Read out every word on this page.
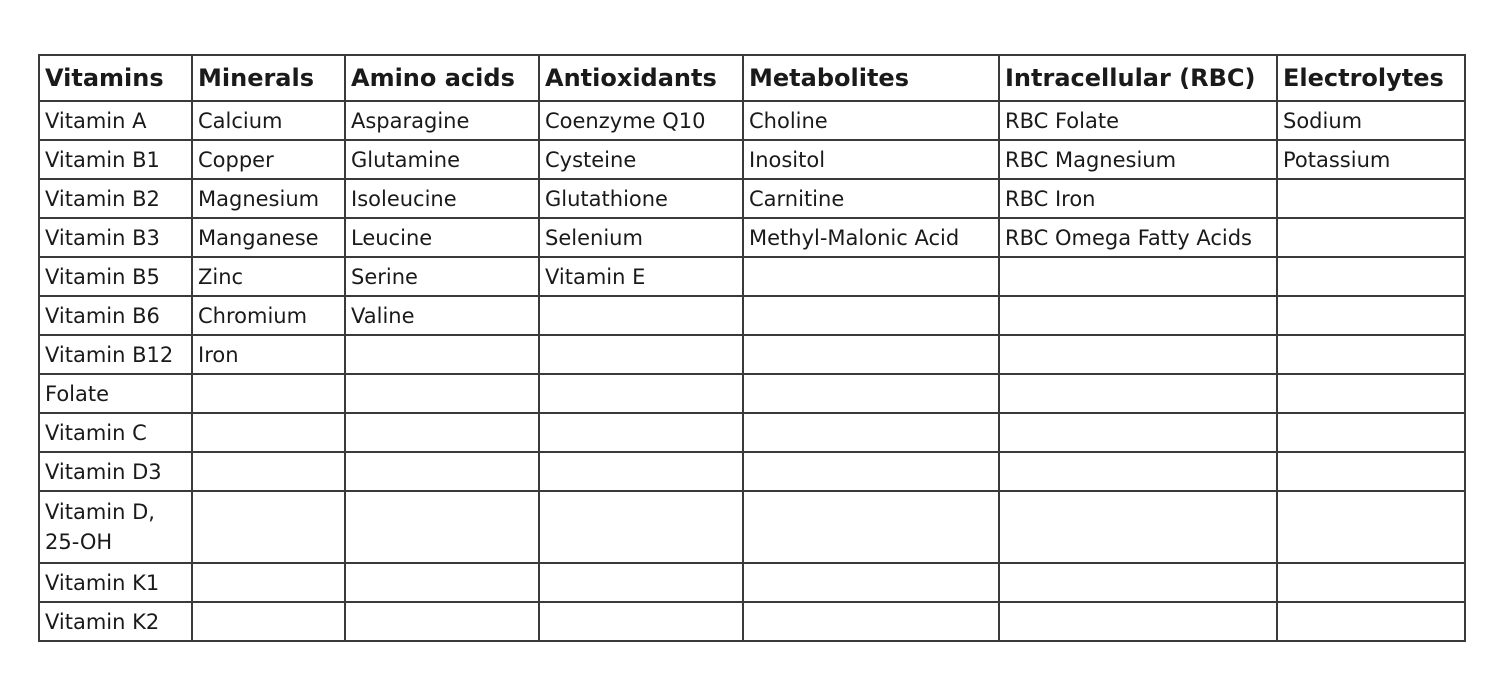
Vitamins	Minerals	Amino acids	Antioxidants	Metabolites	Intracellular (RBC)	Electrolytes
Vitamin A	Calcium	Asparagine	Coenzyme Q10	Choline	RBC Folate	Sodium
Vitamin B1	Copper	Glutamine	Cysteine	Inositol	RBC Magnesium	Potassium
Vitamin B2	Magnesium	Isoleucine	Glutathione	Carnitine	RBC Iron	
Vitamin B3	Manganese	Leucine	Selenium	Methyl-Malonic Acid	RBC Omega Fatty Acids	
Vitamin B5	Zinc	Serine	Vitamin E			
Vitamin B6	Chromium	Valine				
Vitamin B12	Iron					
Folate						
Vitamin C						
Vitamin D3						
Vitamin D, 25-OH						
Vitamin K1						
Vitamin K2						
